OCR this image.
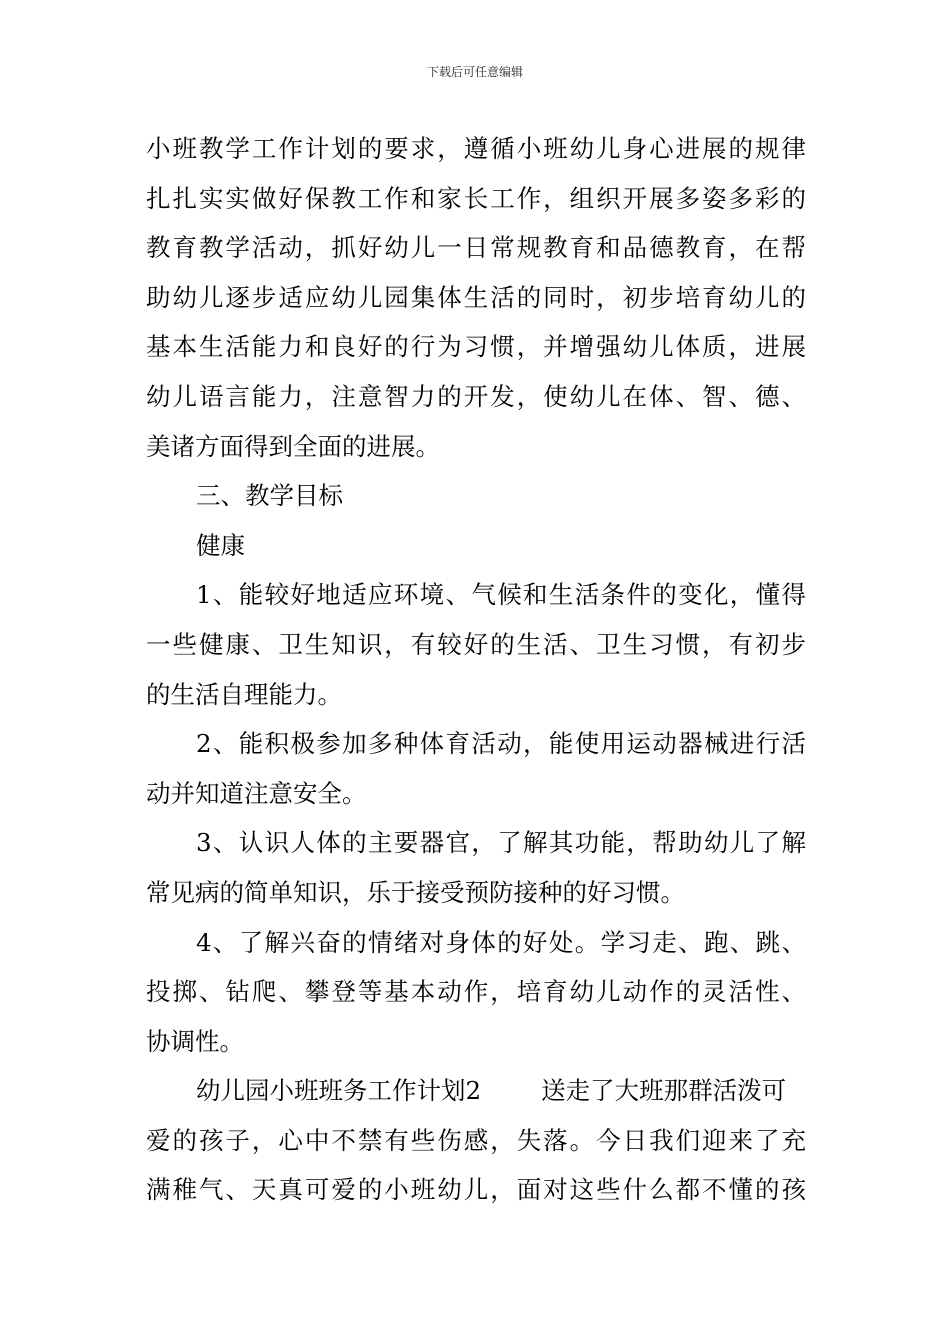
下载后可任意编辑
小班教学工作计划的要求，遵循小班幼儿身心进展的规律
扎扎实实做好保教工作和家长工作，组织开展多姿多彩的
教育教学活动，抓好幼儿一日常规教育和品德教育，在帮
助幼儿逐步适应幼儿园集体生活的同时，初步培育幼儿的
基本生活能力和良好的行为习惯，并增强幼儿体质，进展
幼儿语言能力，注意智力的开发，使幼儿在体、智、德、
美诸方面得到全面的进展。
三、教学目标
健康
1、能较好地适应环境、气候和生活条件的变化，懂得
一些健康、卫生知识，有较好的生活、卫生习惯，有初步
的生活自理能力。
2、能积极参加多种体育活动，能使用运动器械进行活
动并知道注意安全。
3、认识人体的主要器官，了解其功能，帮助幼儿了解
常见病的简单知识，乐于接受预防接种的好习惯。
4、了解兴奋的情绪对身体的好处。学习走、跑、跳、
投掷、钻爬、攀登等基本动作，培育幼儿动作的灵活性、
协调性。
幼儿园小班班务工作计划2 送走了大班那群活泼可
爱的孩子，心中不禁有些伤感，失落。今日我们迎来了充
满稚气、天真可爱的小班幼儿，面对这些什么都不懂的孩
